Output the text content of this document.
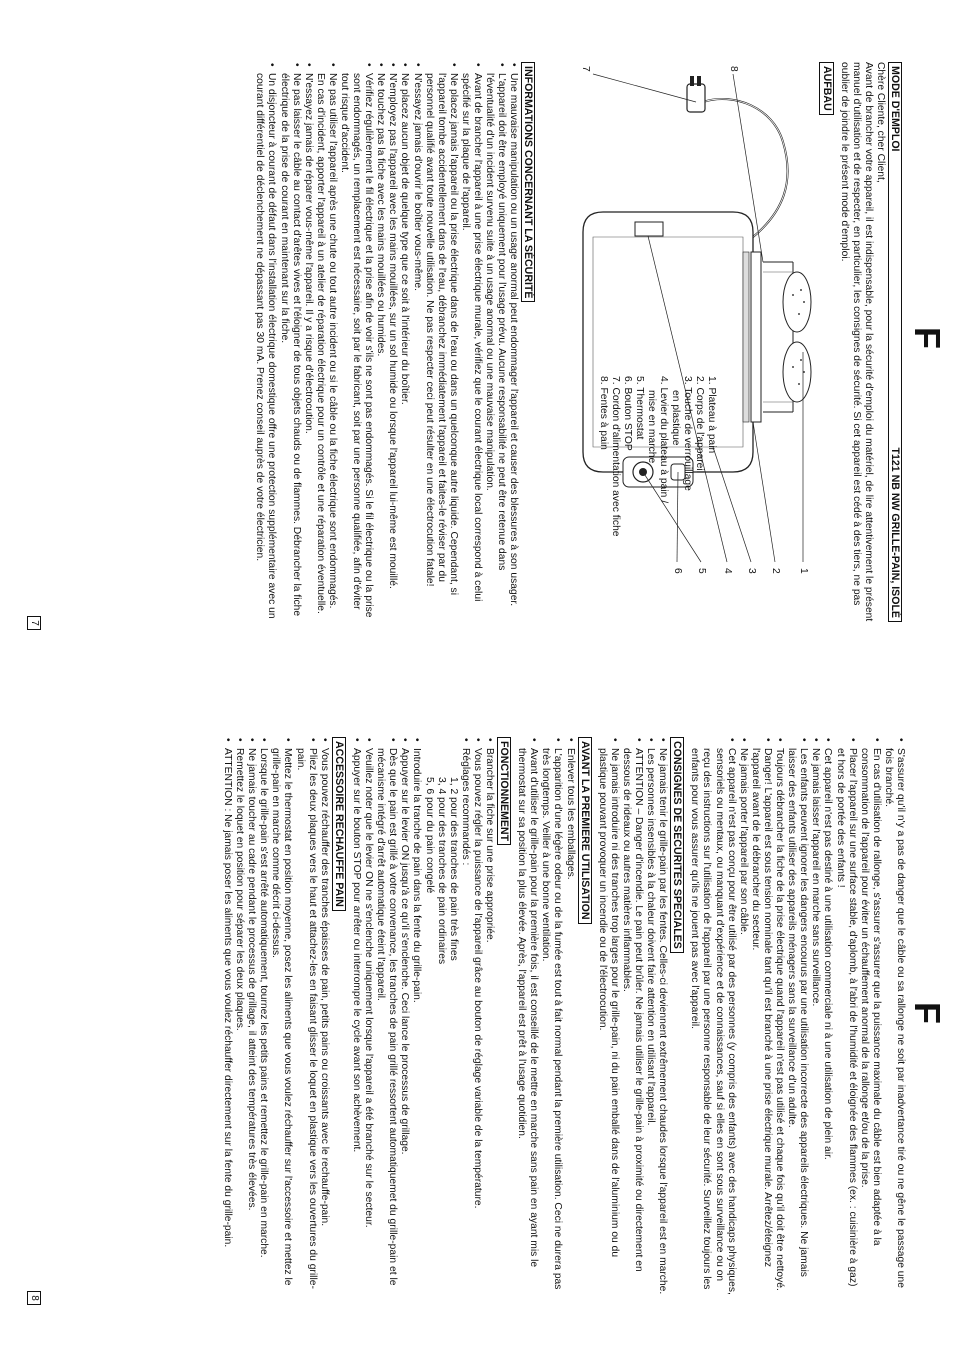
F
MODE D'EMPLOI
T121 NB NW GRILLE-PAIN, ISOLÉ

Chère Cliente, cher Client,

Avant de brancher votre appareil, il est indispensable, pour la sécurité d'emploi du matériel, de lire attentivement le présent manuel d'utilisation et de respecter, en particulier, les consignes de sécurité. Si cet appareil est cédé à des tiers, ne pas oublier de joindre le présent mode d'emploi.

AUFBAU
1
2
3
4
5
6
7	8
1. Plateau à pain
2. Corps de l'appareil
3. Touche de verrouillage
en plastique
4. Levier du plateau à pain /
mise en marche
5. Thermostat
6. Bouton STOP
7. Cordon d'alimentation avec fiche
8. Fentes à pain
INFORMATIONS CONCERNANT LA SÉCURITÉ
• Une mauvaise manipulation ou un usage anormal peut endommager l'appareil et causer des blessures à son usager.
• L'appareil doit être employé uniquement pour l'usage prévu. Aucune responsabilité ne peut être retenue dans l'éventualité d'un incident survenu suite à un usage anormal ou une mauvaise manipulation.
• Avant de brancher l'appareil à une prise électrique murale, vérifiez que le courant électrique local correspond à celui spécifié sur la plaque de l'appareil.
• Ne placez jamais l'appareil ou la prise électrique dans de l'eau ou dans un quelconque autre liquide. Cependant, si l'appareil tombe accidentellement dans de l'eau, débranchez immédiatement l'appareil et faites-le réviser par du personnel qualifié avant toute nouvelle utilisation. Ne pas respecter ceci peut résulter en une électrocution fatale!
• N'essayez jamais d'ouvrir le boîtier vous-même.
• Ne placez aucun objet de quelque type que ce soit à l'intérieur du boîtier.
• N'employez pas l'appareil avec les mains mouillées, sur un sol humide ou lorsque l'appareil lui-même est mouillé.
• Ne touchez pas la fiche avec les mains mouillées ou humides.
• Vérifiez régulièrement le fil électrique et la prise afin de voir s'ils ne sont pas endommagés. Si le fil électrique ou la prise sont endommagés, un remplacement est nécessaire, soit par le fabricant, soit par une personne qualifiée, afin d'éviter tout risque d'accident.
• Ne pas utiliser l'appareil après une chute ou tout autre incident ou si le câble ou la fiche électrique sont endommagés. En cas d'incident, apporter l'appareil à un atelier de réparation électrique pour un contrôle et une réparation éventuelle.
• N'essayez jamais de réparer vous-même l'appareil. Il y a risque d'électrocution.
• Ne pas laisser le câble au contact d'arêtes vives et l'éloigner de tous objets chauds ou de flammes. Débrancher la fiche électrique de la prise de courant en maintenant sur la fiche.
• Un disjoncteur à courant de défaut dans l'installation électrique domestique offre une protection supplémentaire avec un courant différentiel de déclenchement ne dépassant pas 30 mA. Prenez conseil auprès de votre électricien.
7
F
• S'assurer qu'il n'y a pas de danger que le câble ou sa rallonge ne soit par inadvertance tiré ou ne gêne le passage une fois branché.
• En cas d'utilisation de rallonge, s'assurer s'assurer que la puissance maximale du câble est bien adaptée à la consommation de l'appareil pour éviter un échauffement anormal de la rallonge et/ou de la prise.
• Placer l'appareil sur une surface stable, d'aplomb, à l'abri de l'humidité et éloignée des flammes (ex. : cuisinière à gaz) et hors de portée des enfants !
• Cet appareil n'est pas destiné à une utilisation commerciale ni à une utilisation de plein air.
• Ne jamais laisser l'appareil en marche sans surveillance.
• Les enfants peuvent ignorer les dangers encourus par une utilisation incorrecte des appareils électriques. Ne jamais laisser des enfants utiliser des appareils ménagers sans la surveillance d'un adulte.
• Toujours débrancher la fiche de la prise électrique quand l'appareil n'est pas utilisé et chaque fois qu'il doit être nettoyé.
• Danger! L'appareil est sous tension nominale tant qu'il est branché à une prise électrique murale. Arrêtez/éteignez l'appareil avant de le débrancher du secteur.
• Ne jamais porter l'appareil par son câble.
• Cet appareil n'est pas conçu pour être utilisé par des personnes (y compris des enfants) avec des handicaps physiques, sensoriels ou mentaux, ou manquant d'expérience et de connaissances, sauf si elles en sont sous surveillance ou on reçu des instructions sur l'utilisation de l'appareil par une personne responsable de leur sécurité. Surveillez toujours les enfants pour vous assurer qu'ils ne jouent pas avec l'appareil.
CONSIGNES DE SECURITES SPECIALES
• Ne jamais tenir le grille-pain par les fentes. Celles-ci deviennent extrêmement chaudes lorsque l'appareil est en marche.
• Les personnes insensibles à la chaleur doivent faire attention en utilisant l'appareil.
• ATTENTION – Danger d'incendie. Le pain peut brûler. Ne jamais utiliser le grille-pain à proximité ou directement en dessous de rideaux ou autres matières inflammables.
• Ne jamais introduire ni des tranches trop larges pour le grille-pain, ni du pain emballé dans de l'aluminium ou du plastique pouvant provoquer un incendie ou de l'électrocution.
AVANT LA PREMIERE UTILISATION
• Enlever tous les emballages.
• L'apparition d'une légère odeur ou de la fumée est tout à fait normal pendant la première utilisation. Ceci ne durera pas très longtemps. Veiller à une bonne ventilation.
• Avant d'utiliser le grille-pain pour la première fois, il est conseillé de le mettre en marche sans pain en ayant mis le thermostat sur sa position la plus élevée. Après, l'appareil est prêt à l'usage quotidien.
FONCTIONNEMENT
• Brancher la fiche sur une prise appropriée.
• Vous pouvez régler la puissance de l'appareil grâce au bouton de réglage variable de la température.
• Réglages recommandés :
1, 2 pour des tranches de pain très fines
3, 4 pour des tranches de pain ordinaires
5, 6 pour du pain congelé
• Introduire la tranche de pain dans la fente du grille-pain.
• Appuyer sur le levier ON jusqu'à ce qu'il s'enclenche. Ceci lance le processus de grillage.
• Dès que le pain est grillé à votre convenance, les tranches de pain grillé ressortent automatiquemet du grille-pain et le mécanisme intégré d'arrêt automatique éteint l'appareil.
• Veuillez noter que le levier ON ne s'enclenche uniquement lorsque l'appareil a été branché sur le secteur.
• Appuyer sur le bouton STOP pour arrêter ou interrompre le cycle avant son achèvement.
ACCESSOIRE RECHAUFFE PAIN
• Vous pouvez réchauffer des tranches épaisses de pain, petits pains ou croissants avec le rechauffe-pain.
• Pliez les deux plaques vers le haut et attachez-les en faisant glisser le loquet en plastique vers les ouvertures du grille-pain.
• Mettez le thermostat en position moyenne, posez les aliments que vous voulez réchauffer sur l'accessoire et mettez le grille-pain en marche comme décrit ci-dessus.
• Lorsque le grille-pain s'est arrêté automatiquement, tournez les petits pains et remettez le grille-pain en marche.
• Ne jamais toucher au cadre pendant le processus de grillage, il atteint des températures très élevées.
• Remettez le loquet en position pour séparer les deux plaques.
• ATTENTION : Ne jamais poser les aliments que vous voulez réchauffer directement sur la fente du grille-pain.
8
